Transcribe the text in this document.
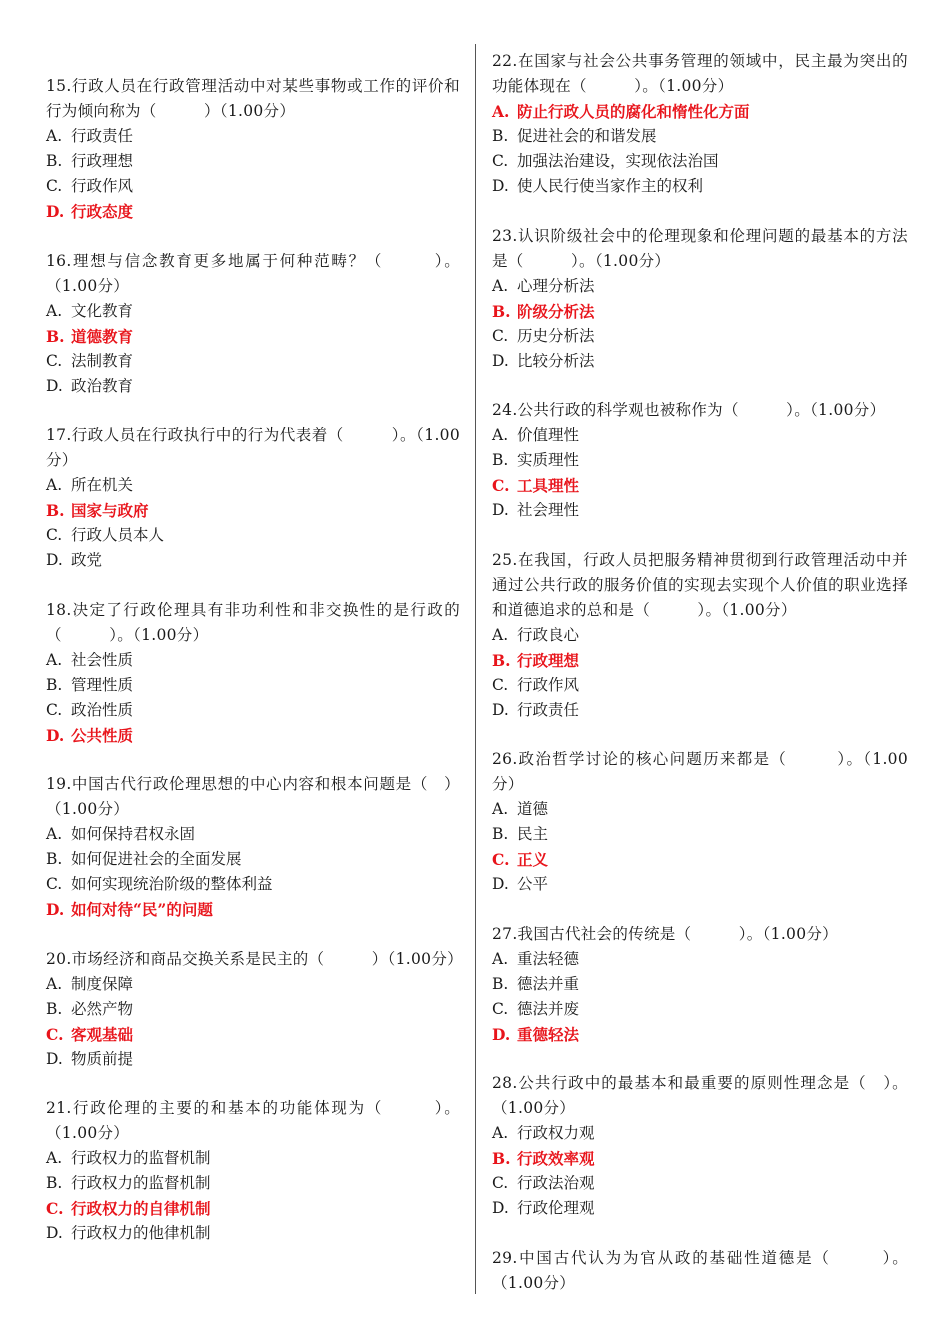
15.行政人员在行政管理活动中对某些事物或工作的评价和行为倾向称为（　　　）（1.00分）

A. 行政责任
B. 行政理想
C. 行政作风
D. 行政态度

16.理想与信念教育更多地属于何种范畴？（　　　）。（1.00分）

A. 文化教育
B. 道德教育
C. 法制教育
D. 政治教育

17.行政人员在行政执行中的行为代表着（　　　）。（1.00分）

A. 所在机关
B. 国家与政府
C. 行政人员本人
D. 政党

18.决定了行政伦理具有非功利性和非交换性的是行政的（　　　）。（1.00分）

A. 社会性质
B. 管理性质
C. 政治性质
D. 公共性质

19.中国古代行政伦理思想的中心内容和根本问题是（　）（1.00分）

A. 如何保持君权永固
B. 如何促进社会的全面发展
C. 如何实现统治阶级的整体利益
D. 如何对待“民”的问题

20.市场经济和商品交换关系是民主的（　　　）（1.00分）

A. 制度保障
B. 必然产物
C. 客观基础
D. 物质前提

21.行政伦理的主要的和基本的功能体现为（　　　）。（1.00分）

A. 行政权力的监督机制
B. 行政权力的监督机制
C. 行政权力的自律机制
D. 行政权力的他律机制

22.在国家与社会公共事务管理的领域中，民主最为突出的功能体现在（　　　）。（1.00分）

A. 防止行政人员的腐化和惰性化方面
B. 促进社会的和谐发展
C. 加强法治建设，实现依法治国
D. 使人民行使当家作主的权利

23.认识阶级社会中的伦理现象和伦理问题的最基本的方法是（　　　）。（1.00分）

A. 心理分析法
B. 阶级分析法
C. 历史分析法
D. 比较分析法

24.公共行政的科学观也被称作为（　　　）。（1.00分）

A. 价值理性
B. 实质理性
C. 工具理性
D. 社会理性

25.在我国，行政人员把服务精神贯彻到行政管理活动中并通过公共行政的服务价值的实现去实现个人价值的职业选择和道德追求的总和是（　　　）。（1.00分）

A. 行政良心
B. 行政理想
C. 行政作风
D. 行政责任

26.政治哲学讨论的核心问题历来都是（　　　）。（1.00分）

A. 道德
B. 民主
C. 正义
D. 公平

27.我国古代社会的传统是（　　　）。（1.00分）

A. 重法轻德
B. 德法并重
C. 德法并废
D. 重德轻法

28.公共行政中的最基本和最重要的原则性理念是（　）。（1.00分）

A. 行政权力观
B. 行政效率观
C. 行政法治观
D. 行政伦理观

29.中国古代认为为官从政的基础性道德是（　　　）。（1.00分）
